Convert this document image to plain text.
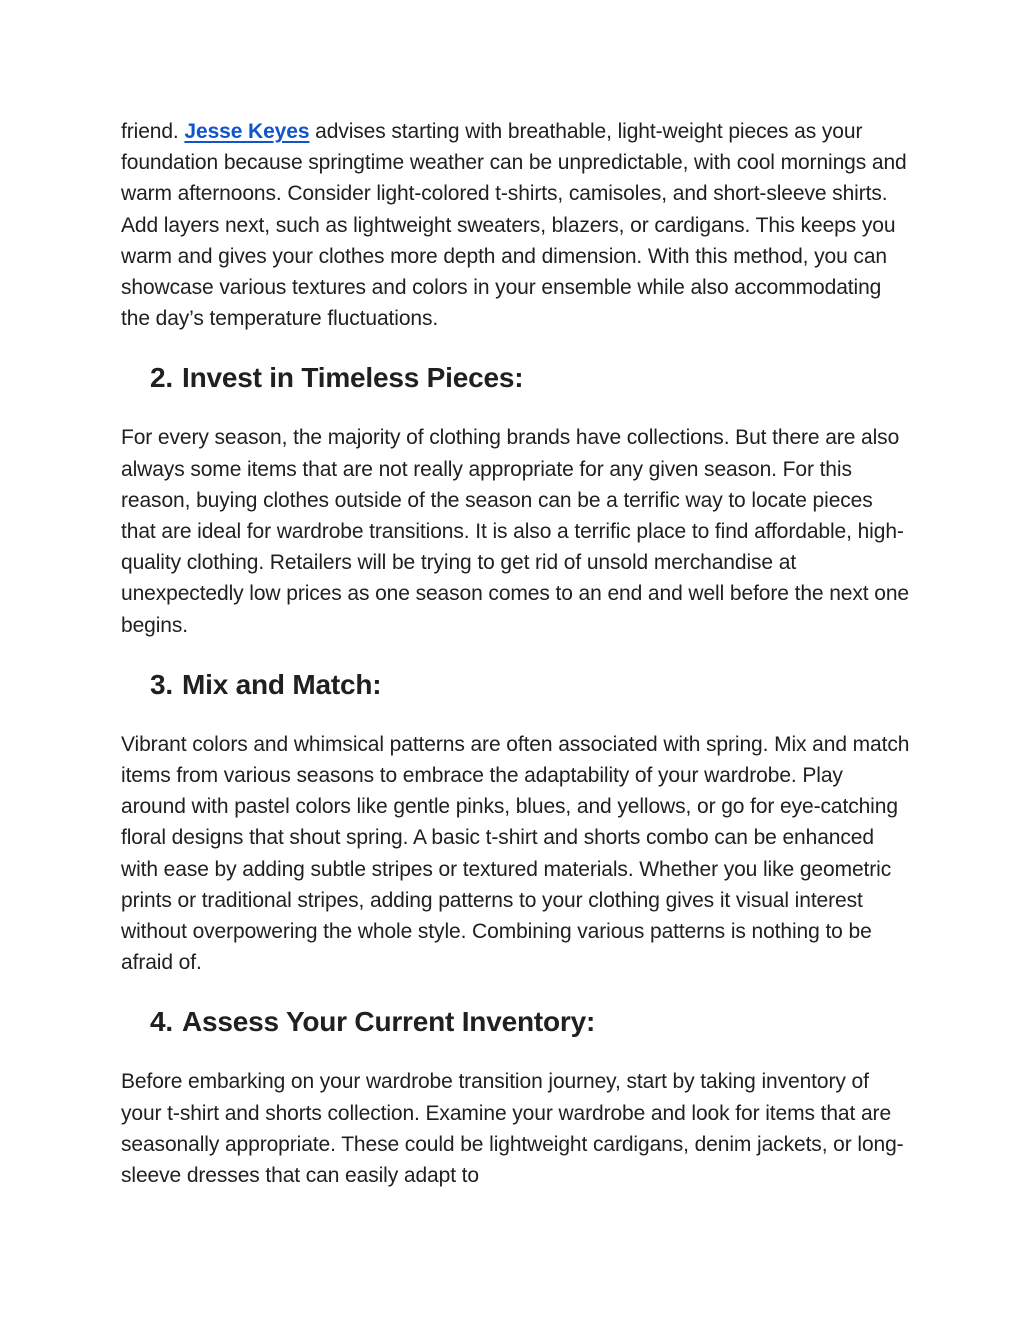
friend. Jesse Keyes advises starting with breathable, light-weight pieces as your foundation because springtime weather can be unpredictable, with cool mornings and warm afternoons. Consider light-colored t-shirts, camisoles, and short-sleeve shirts. Add layers next, such as lightweight sweaters, blazers, or cardigans. This keeps you warm and gives your clothes more depth and dimension. With this method, you can showcase various textures and colors in your ensemble while also accommodating the day’s temperature fluctuations.

2. Invest in Timeless Pieces:

For every season, the majority of clothing brands have collections. But there are also always some items that are not really appropriate for any given season. For this reason, buying clothes outside of the season can be a terrific way to locate pieces that are ideal for wardrobe transitions. It is also a terrific place to find affordable, high-quality clothing. Retailers will be trying to get rid of unsold merchandise at unexpectedly low prices as one season comes to an end and well before the next one begins.

3. Mix and Match:

Vibrant colors and whimsical patterns are often associated with spring. Mix and match items from various seasons to embrace the adaptability of your wardrobe. Play around with pastel colors like gentle pinks, blues, and yellows, or go for eye-catching floral designs that shout spring. A basic t-shirt and shorts combo can be enhanced with ease by adding subtle stripes or textured materials. Whether you like geometric prints or traditional stripes, adding patterns to your clothing gives it visual interest without overpowering the whole style. Combining various patterns is nothing to be afraid of.

4. Assess Your Current Inventory:

Before embarking on your wardrobe transition journey, start by taking inventory of your t-shirt and shorts collection. Examine your wardrobe and look for items that are seasonally appropriate. These could be lightweight cardigans, denim jackets, or long-sleeve dresses that can easily adapt to
